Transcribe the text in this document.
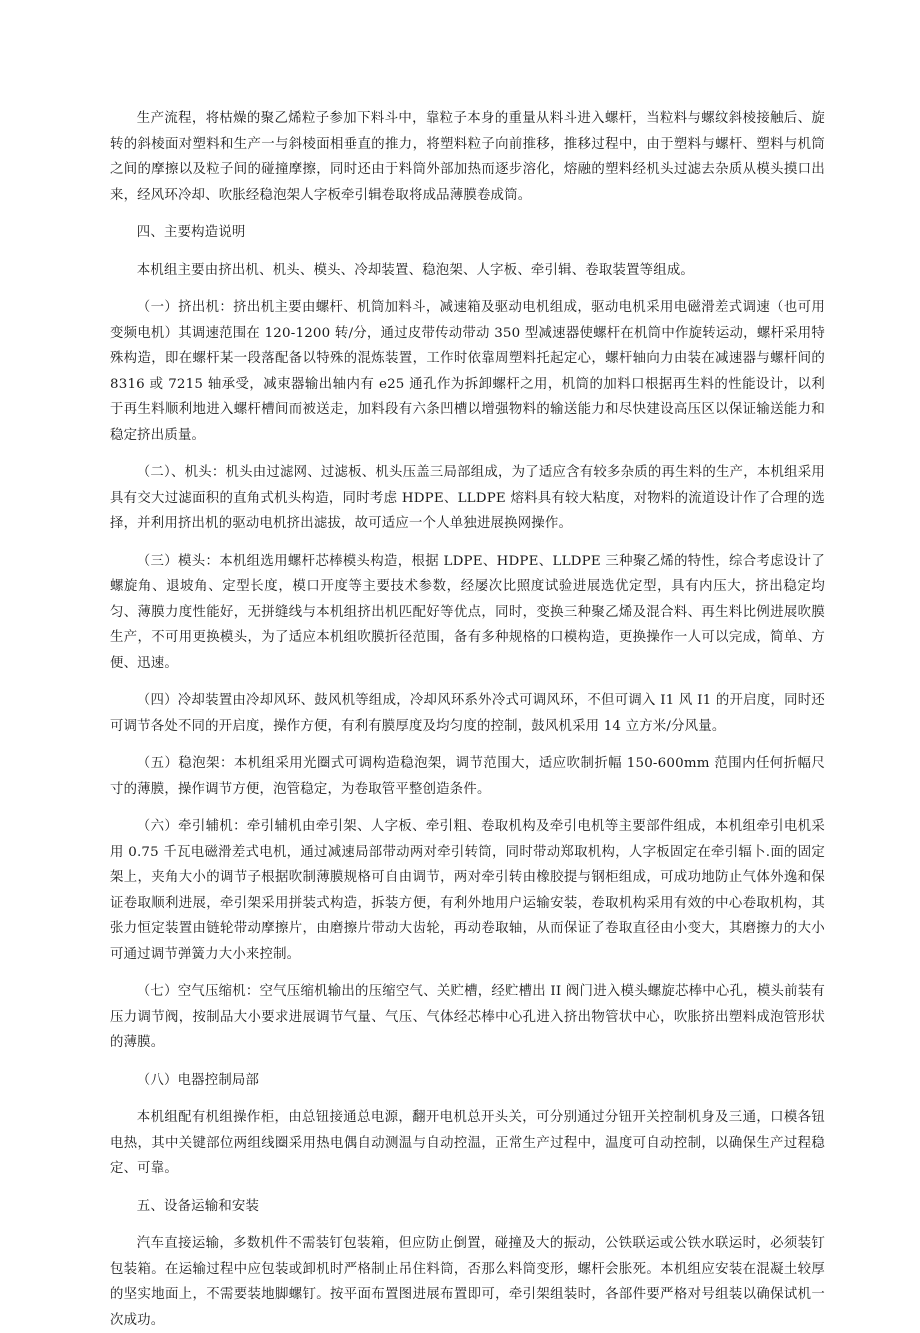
生产流程，将枯燥的聚乙烯粒子参加下料斗中，靠粒子本身的重量从料斗进入螺杆，当粒料与螺纹斜棱接触后、旋转的斜棱面对塑料和生产一与斜棱面相垂直的推力，将塑料粒子向前推移，推移过程中，由于塑料与螺杆、塑料与机筒之间的摩擦以及粒子间的碰撞摩擦，同时还由于料筒外部加热而逐步溶化，熔融的塑料经机头过滤去杂质从模头摸口出来，经风环冷却、吹胀经稳泡架人字板牵引辑卷取将成品薄膜卷成筒。

四、主要构造说明

本机组主要由挤出机、机头、模头、冷却装置、稳泡架、人字板、牵引辑、卷取装置等组成。

（一）挤出机：挤出机主要由螺杆、机筒加料斗，减速箱及驱动电机组成，驱动电机采用电磁滑差式调速（也可用变频电机）其调速范围在 120-1200 转/分，通过皮带传动带动 350 型减速器使螺杆在机筒中作旋转运动，螺杆采用特殊构造，即在螺杆某一段落配备以特殊的混炼装置，工作时依靠周塑料托起定心，螺杆轴向力由装在减速器与螺杆间的 8316 或 7215 轴承受，减束器输出轴内有 e25 通孔作为拆卸螺杆之用，机筒的加料口根据再生料的性能设计，以利于再生料顺利地进入螺杆槽间而被送走，加料段有六条凹槽以增强物料的输送能力和尽快建设高压区以保证输送能力和稳定挤出质量。

（二）、机头：机头由过滤网、过滤板、机头压盖三局部组成，为了适应含有较多杂质的再生料的生产，本机组采用具有交大过滤面积的直角式机头构造，同时考虑 HDPE、LLDPE 熔料具有较大粘度，对物料的流道设计作了合理的选择，并利用挤出机的驱动电机挤出滤拔，故可适应一个人单独进展换网操作。

（三）模头：本机组选用螺杆芯棒模头构造，根据 LDPE、HDPE、LLDPE 三种聚乙烯的特性，综合考虑设计了螺旋角、退坡角、定型长度，模口开度等主要技术参数，经屡次比照度试验进展选优定型，具有内压大，挤出稳定均匀、薄膜力度性能好，无拼缝线与本机组挤出机匹配好等优点，同时，变换三种聚乙烯及混合料、再生料比例进展吹膜生产，不可用更换模头，为了适应本机组吹膜折径范围，备有多种规格的口模构造，更换操作一人可以完成，简单、方便、迅速。

（四）冷却装置由冷却风环、鼓风机等组成，冷却风环系外冷式可调风环，不但可调入 I1 风 I1 的开启度，同时还可调节各处不同的开启度，操作方便，有利有膜厚度及均匀度的控制，鼓风机采用 14 立方米/分风量。

（五）稳泡架：本机组采用光圈式可调构造稳泡架，调节范围大，适应吹制折幅 150-600mm 范围内任何折幅尺寸的薄膜，操作调节方便，泡管稳定，为卷取管平整创造条件。

（六）牵引辅机：牵引辅机由牵引架、人字板、牵引粗、卷取机构及牵引电机等主要部件组成，本机组牵引电机采用 0.75 千瓦电磁滑差式电机，通过减速局部带动两对牵引转筒，同时带动郑取机构，人字板固定在牵引辐卜.面的固定架上，夹角大小的调节子根据吹制薄膜规格可自由调节，两对牵引转由橡胶提与钢柜组成，可成功地防止气体外逸和保证卷取顺利进展，牵引架采用拼装式构造，拆装方便，有利外地用户运输安装，卷取机构采用有效的中心卷取机构，其张力恒定装置由链轮带动摩擦片，由磨擦片带动大齿轮，再动卷取轴，从而保证了卷取直径由小变大，其磨擦力的大小可通过调节弹簧力大小来控制。

（七）空气压缩机：空气压缩机输出的压缩空气、关贮槽，经贮槽出 II 阀门进入模头螺旋芯棒中心孔，模头前装有压力调节阀，按制品大小要求进展调节气量、气压、气体经芯棒中心孔进入挤出物管状中心，吹胀挤出塑料成泡管形状的薄膜。

（八）电器控制局部

本机组配有机组操作柜，由总钮接通总电源，翻开电机总开头关，可分别通过分钮开关控制机身及三通，口模各钮电热，其中关键部位两组线圈采用热电偶自动测温与自动控温，正常生产过程中，温度可自动控制，以确保生产过程稳定、可靠。

五、设备运输和安装

汽车直接运输，多数机件不需装钉包装箱，但应防止倒置，碰撞及大的振动，公铁联运或公铁水联运时，必须装钉包装箱。在运输过程中应包装或卸机时严格制止吊住料筒，否那么料筒变形，螺杆会胀死。本机组应安装在混凝土较厚的坚实地面上，不需要装地脚螺钉。按平面布置图进展布置即可，牵引架组装时，各部件要严格对号组装以确保试机一次成功。
